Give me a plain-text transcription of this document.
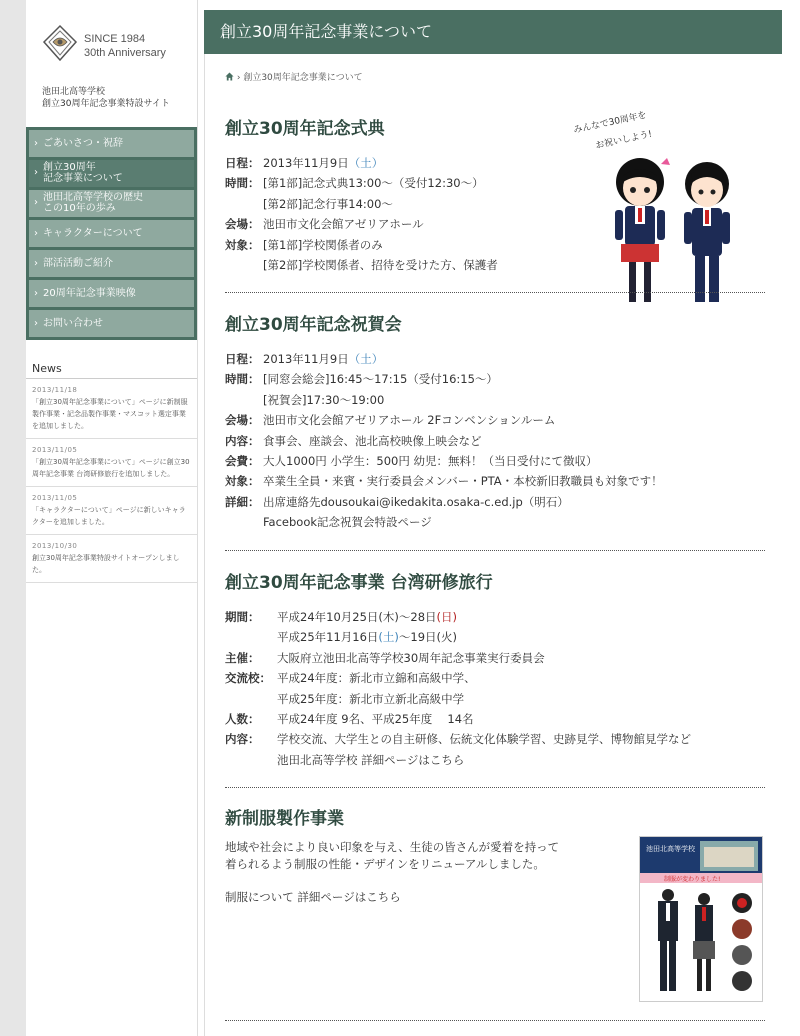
SINCE 1984
30th Anniversary
池田北高等学校
創立30周年記念事業特設サイト
› ごあいさつ・祝辞
› 創立30周年
記念事業について
› 池田北高等学校の歴史
この10年の歩み
› キャラクターについて
› 部活活動ご紹介
› 20周年記念事業映像
› お問い合わせ
News
2013/11/18
「創立30周年記念事業について」ページに新制服製作事業・記念品製作事業・マスコット選定事業を追加しました。
2013/11/05
「創立30周年記念事業について」ページに創立30周年記念事業 台湾研修旅行を追加しました。
2013/11/05
「キャラクターについて」ページに新しいキャラクターを追加しました。
2013/10/30
創立30周年記念事業特設サイトオープンしました。
創立30周年記念事業について
› 創立30周年記念事業について
創立30周年記念式典
日程： 2013年11月9日（土）
時間： [第1部]記念式典13:00～（受付12:30～）
[第2部]記念行事14:00～
会場： 池田市文化会館アゼリアホール
対象： [第1部]学校関係者のみ
[第2部]学校関係者、招待を受けた方、保護者
みんなで30周年を
お祝いしよう!
創立30周年記念祝賀会
日程： 2013年11月9日（土）
時間： [同窓会総会]16:45～17:15（受付16:15～）
[祝賀会]17:30～19:00
会場： 池田市文化会館アゼリアホール 2Fコンベンションルーム
内容： 食事会、座談会、池北高校映像上映会など
会費： 大人1000円 小学生：500円 幼児：無料！（当日受付にて徴収）
対象： 卒業生全員・来賓・実行委員会メンバー・PTA・本校新旧教職員も対象です！
詳細： 出席連絡先dousoukai@ikedakita.osaka-c.ed.jp（明石）
Facebook記念祝賀会特設ページ
創立30周年記念事業 台湾研修旅行
期間：	平成24年10月25日(木)～28日(日)
平成25年11月16日(土)～19日(火)
主催：	大阪府立池田北高等学校30周年記念事業実行委員会
交流校： 平成24年度：新北市立錦和高級中学、
平成25年度：新北市立新北高級中学
人数：	平成24年度 9名、平成25年度　 14名
内容：	学校交流、大学生との自主研修、伝統文化体験学習、史跡見学、博物館見学など
池田北高等学校 詳細ページはこちら
新制服製作事業
地域や社会により良い印象を与え、生徒の皆さんが愛着を持って
着られるよう制服の性能・デザインをリニューアルしました。
制服について 詳細ページはこちら
池田北高等学校
制服が変わりました!
